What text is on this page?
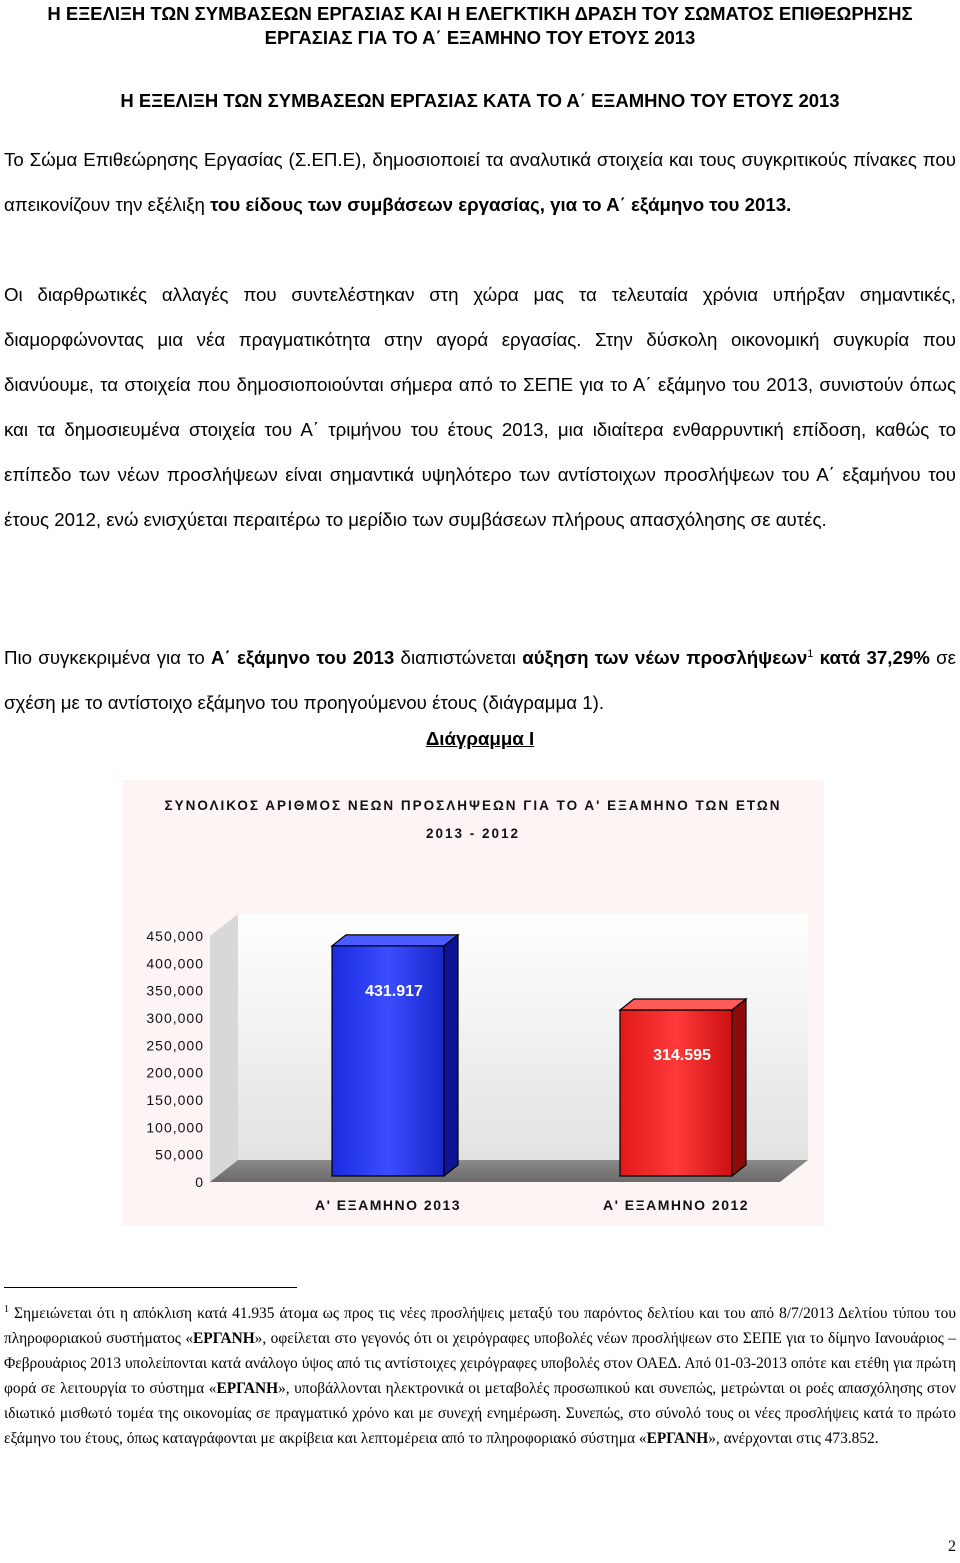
Η ΕΞΕΛΙΞΗ ΤΩΝ ΣΥΜΒΑΣΕΩΝ ΕΡΓΑΣΙΑΣ ΚΑΙ Η ΕΛΕΓΚΤΙΚΗ ΔΡΑΣΗ ΤΟΥ ΣΩΜΑΤΟΣ ΕΠΙΘΕΩΡΗΣΗΣ

ΕΡΓΑΣΙΑΣ ΓΙΑ ΤΟ Α΄ ΕΞΑΜΗΝΟ ΤΟΥ ΕΤΟΥΣ 2013

Η ΕΞΕΛΙΞΗ ΤΩΝ ΣΥΜΒΑΣΕΩΝ ΕΡΓΑΣΙΑΣ ΚΑΤΑ ΤΟ Α΄ ΕΞΑΜΗΝΟ ΤΟΥ ΕΤΟΥΣ 2013

Το Σώμα Επιθεώρησης Εργασίας (Σ.ΕΠ.Ε), δημοσιοποιεί τα αναλυτικά στοιχεία και τους συγκριτικούς πίνακες που απεικονίζουν την εξέλιξη του είδους των συμβάσεων εργασίας, για το Α΄ εξάμηνο του 2013.

Οι διαρθρωτικές αλλαγές που συντελέστηκαν στη χώρα μας τα τελευταία χρόνια υπήρξαν σημαντικές, διαμορφώνοντας μια νέα πραγματικότητα στην αγορά εργασίας. Στην δύσκολη οικονομική συγκυρία που διανύουμε, τα στοιχεία που δημοσιοποιούνται σήμερα από το ΣΕΠΕ για το Α΄ εξάμηνο του 2013, συνιστούν όπως και τα δημοσιευμένα στοιχεία του Α΄ τριμήνου του έτους 2013, μια ιδιαίτερα ενθαρρυντική επίδοση, καθώς το επίπεδο των νέων προσλήψεων είναι σημαντικά υψηλότερο των αντίστοιχων προσλήψεων του Α΄ εξαμήνου του έτους 2012, ενώ ενισχύεται περαιτέρω το μερίδιο των συμβάσεων πλήρους απασχόλησης σε αυτές.

Πιο συγκεκριμένα για το Α΄ εξάμηνο του 2013 διαπιστώνεται αύξηση των νέων προσλήψεων$^1$ κατά 37,29% σε σχέση με το αντίστοιχο εξάμηνο του προηγούμενου έτους (διάγραμμα 1).

Διάγραμμα Ι
ΣΥΝΟΛΙΚΟΣ ΑΡΙΘΜΟΣ ΝΕΩΝ ΠΡΟΣΛΗΨΕΩΝ ΓΙΑ ΤΟ Α' ΕΞΑΜΗΝΟ ΤΩΝ ΕΤΩΝ
2013 - 2012
0
50,000
100,000
150,000
200,000
250,000
300,000
350,000
400,000
450,000
431.917
Α' ΕΞΑΜΗΝΟ 2013
314.595
Α' ΕΞΑΜΗΝΟ 2012

$^1$ Σημειώνεται ότι η απόκλιση κατά 41.935 άτομα ως προς τις νέες προσλήψεις μεταξύ του παρόντος δελτίου και του από 8/7/2013 Δελτίου τύπου του πληροφοριακού συστήματος «ΕΡΓΑΝΗ», οφείλεται στο γεγονός ότι οι χειρόγραφες υποβολές νέων προσλήψεων στο ΣΕΠΕ για το δίμηνο Ιανουάριος – Φεβρουάριος 2013 υπολείπονται κατά ανάλογο ύψος από τις αντίστοιχες χειρόγραφες υποβολές στον ΟΑΕΔ. Από 01-03-2013 οπότε και ετέθη για πρώτη φορά σε λειτουργία το σύστημα «ΕΡΓΑΝΗ», υποβάλλονται ηλεκτρονικά οι μεταβολές προσωπικού και συνεπώς, μετρώνται οι ροές απασχόλησης στον ιδιωτικό μισθωτό τομέα της οικονομίας σε πραγματικό χρόνο και με συνεχή ενημέρωση. Συνεπώς, στο σύνολό τους οι νέες προσλήψεις κατά το πρώτο εξάμηνο του έτους, όπως καταγράφονται με ακρίβεια και λεπτομέρεια από το πληροφοριακό σύστημα «ΕΡΓΑΝΗ», ανέρχονται στις 473.852.

2
